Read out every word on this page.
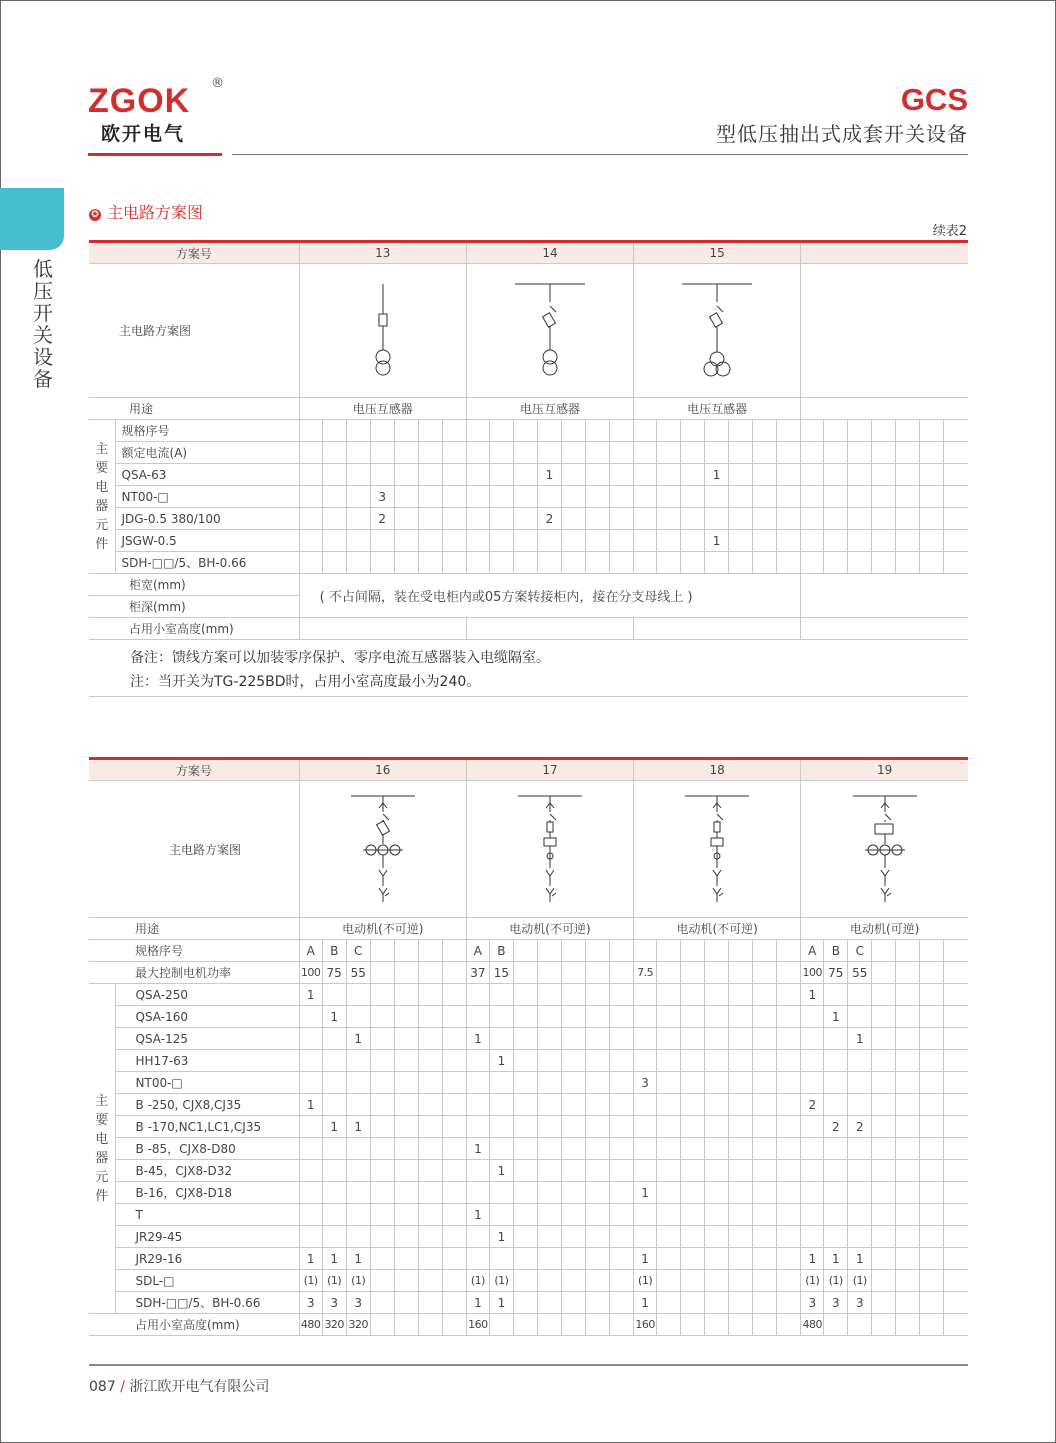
ZGOK ®
欧开电气
GCS
型低压抽出式成套开关设备
B
低压开关设备
✪ 主电路方案图
续表2
方案号		13							14							15													
主电路方案图	

用途		电压互感器							电压互感器							电压互感器													
主要电器元件	规格序号																												
	额定电流(A)																												
	QSA-63											1							1										
	NT00-□				3																								
	JDG-0.5 380/100				2							2																	
	JSGW-0.5																		1										
	SDH-□□/5、BH-0.66																												
柜宽(mm)		( 不占间隔，装在受电柜内或05方案转接柜内，接在分支母线上 )																											
柜深(mm)																													
占用小室高度(mm)																													
备注：馈线方案可以加装零序保护、零序电流互感器装入电缆隔室。
注：当开关为TG-225BD时，占用小室高度最小为240。
方案号		16							17							18							19						
主电路方案图	

用途		电动机(不可逆)							电动机(不可逆)							电动机(不可逆)							电动机(可逆)						
规格序号		A	B	C					A	B													A	B	C				
最大控制电机功率		100	75	55					37	15						7.5							100	75	55				
主要电器元件	QSA-250	1																					1						
	QSA-160		1																					1					
	QSA-125			1					1																1				
	HH17-63									1																			
	NT00-□															3													
	B -250, CJX8,CJ35	1																					2						
	B -170,NC1,LC1,CJ35		1	1																				2	2				
	B -85，CJX8-D80								1																				
	B-45，CJX8-D32									1																			
	B-16，CJX8-D18															1													
	T								1																				
	JR29-45									1																			
	JR29-16	1	1	1												1							1	1	1				
	SDL-□	(1)	(1)	(1)					(1)	(1)						(1)							(1)	(1)	(1)				
	SDH-□□/5、BH-0.66	3	3	3					1	1						1							3	3	3				
占用小室高度(mm)		480	320	320					160							160							480						
087 / 浙江欧开电气有限公司
